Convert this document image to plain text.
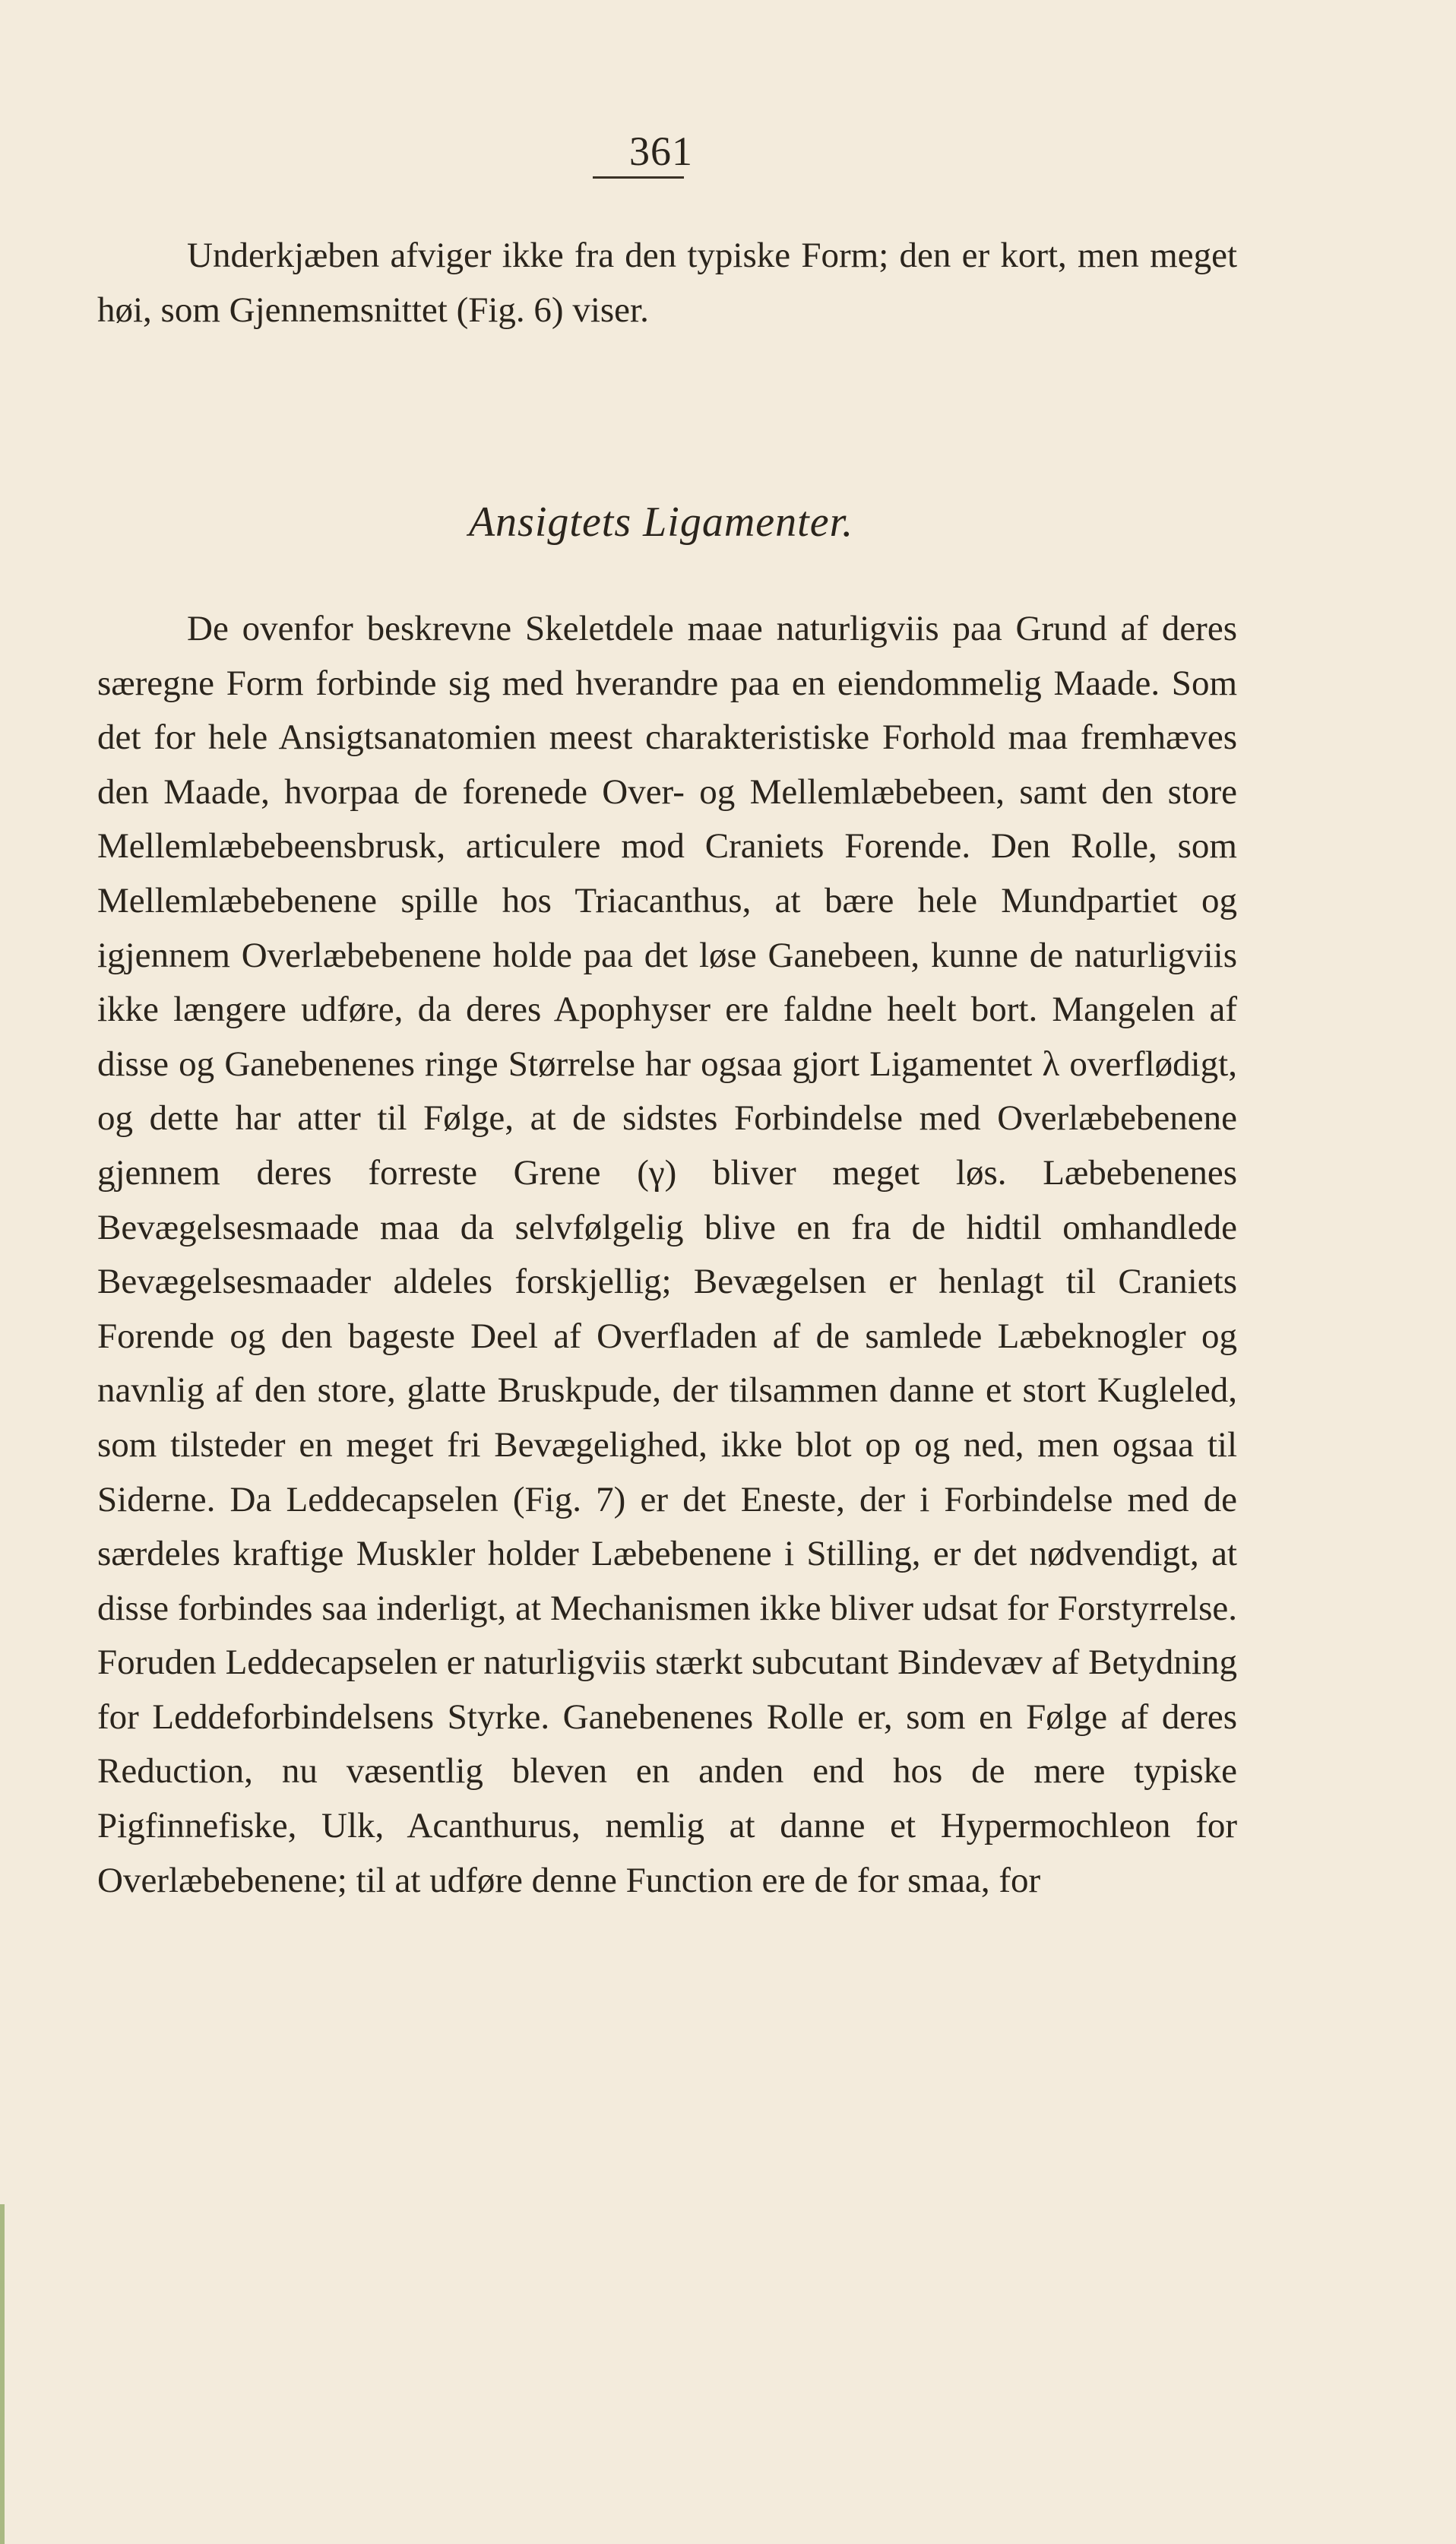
361
Underkjæben afviger ikke fra den typiske Form; den er kort, men meget høi, som Gjennemsnittet (Fig. 6) viser.
Ansigtets Ligamenter.
De ovenfor beskrevne Skeletdele maae naturligviis paa Grund af deres særegne Form forbinde sig med hverandre paa en eiendommelig Maade. Som det for hele Ansigtsanatomien meest charakteristiske Forhold maa fremhæves den Maade, hvorpaa de forenede Over- og Mellemlæbebeen, samt den store Mellemlæbebeensbrusk, articulere mod Craniets Forende. Den Rolle, som Mellemlæbebenene spille hos Triacanthus, at bære hele Mundpartiet og igjennem Overlæbebenene holde paa det løse Ganebeen, kunne de naturligviis ikke længere udføre, da deres Apophyser ere faldne heelt bort. Mangelen af disse og Ganebenenes ringe Størrelse har ogsaa gjort Ligamentet λ overflødigt, og dette har atter til Følge, at de sidstes Forbindelse med Overlæbebenene gjennem deres forreste Grene (γ) bliver meget løs. Læbebenenes Bevægelsesmaade maa da selvfølgelig blive en fra de hidtil omhandlede Bevægelsesmaader aldeles forskjellig; Bevægelsen er henlagt til Craniets Forende og den bageste Deel af Overfladen af de samlede Læbeknogler og navnlig af den store, glatte Bruskpude, der tilsammen danne et stort Kugleled, som tilsteder en meget fri Bevægelighed, ikke blot op og ned, men ogsaa til Siderne. Da Leddecapselen (Fig. 7) er det Eneste, der i Forbindelse med de særdeles kraftige Muskler holder Læbebenene i Stilling, er det nødvendigt, at disse forbindes saa inderligt, at Mechanismen ikke bliver udsat for Forstyrrelse. Foruden Leddecapselen er naturligviis stærkt subcutant Bindevæv af Betydning for Leddeforbindelsens Styrke. Ganebenenes Rolle er, som en Følge af deres Reduction, nu væsentlig bleven en anden end hos de mere typiske Pigfinnefiske, Ulk, Acanthurus, nemlig at danne et Hypermochleon for Overlæbebenene; til at udføre denne Function ere de for smaa, for
